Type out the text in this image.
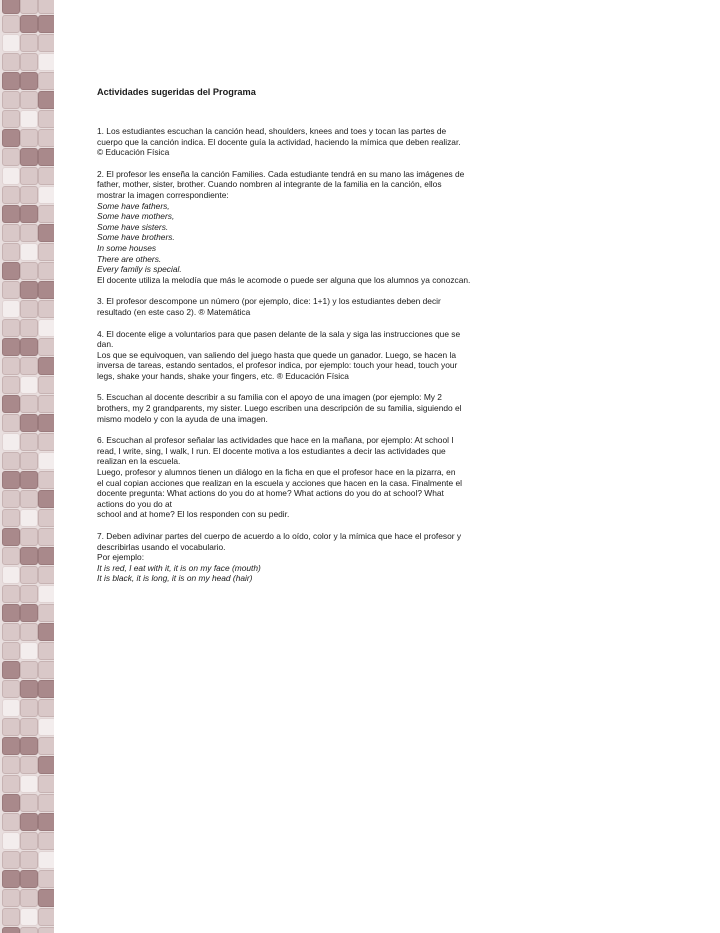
Actividades sugeridas del Programa

1. Los estudiantes escuchan la canción head, shoulders, knees and toes y tocan las partes de
cuerpo que la canción indica. El docente guía la actividad, haciendo la mímica que deben realizar.
© Educación Física

2. El profesor les enseña la canción Families. Cada estudiante tendrá en su mano las imágenes de
father, mother, sister, brother. Cuando nombren al integrante de la familia en la canción, ellos
mostrar la imagen correspondiente:
Some have fathers,
Some have mothers,
Some have sisters.
Some have brothers.
In some houses
There are others.
Every family is special.
El docente utiliza la melodía que más le acomode o puede ser alguna que los alumnos ya conozcan.

3. El profesor descompone un número (por ejemplo, dice: 1+1) y los estudiantes deben decir
resultado (en este caso 2). ® Matemática

4. El docente elige a voluntarios para que pasen delante de la sala y siga las instrucciones que se
dan.
Los que se equivoquen, van saliendo del juego hasta que quede un ganador. Luego, se hacen la
inversa de tareas, estando sentados, el profesor indica, por ejemplo: touch your head, touch your
legs, shake your hands, shake your fingers, etc. ® Educación Física

5. Escuchan al docente describir a su familia con el apoyo de una imagen (por ejemplo: My 2
brothers, my 2 grandparents, my sister. Luego escriben una descripción de su familia, siguiendo el
mismo modelo y con la ayuda de una imagen.

6. Escuchan al profesor señalar las actividades que hace en la mañana, por ejemplo: At school I
read, I write, sing, I walk, I run. El docente motiva a los estudiantes a decir las actividades que
realizan en la escuela.
Luego, profesor y alumnos tienen un diálogo en la ficha en que el profesor hace en la pizarra, en
el cual copian acciones que realizan en la escuela y acciones que hacen en la casa. Finalmente el
docente pregunta: What actions do you do at home? What actions do you do at school? What
actions do you do at
school and at home? El los responden con su pedir.

7. Deben adivinar partes del cuerpo de acuerdo a lo oído, color y la mímica que hace el profesor y
describirlas usando el vocabulario.
Por ejemplo:
It is red, I eat with it, it is on my face (mouth)
It is black, it is long, it is on my head (hair)
